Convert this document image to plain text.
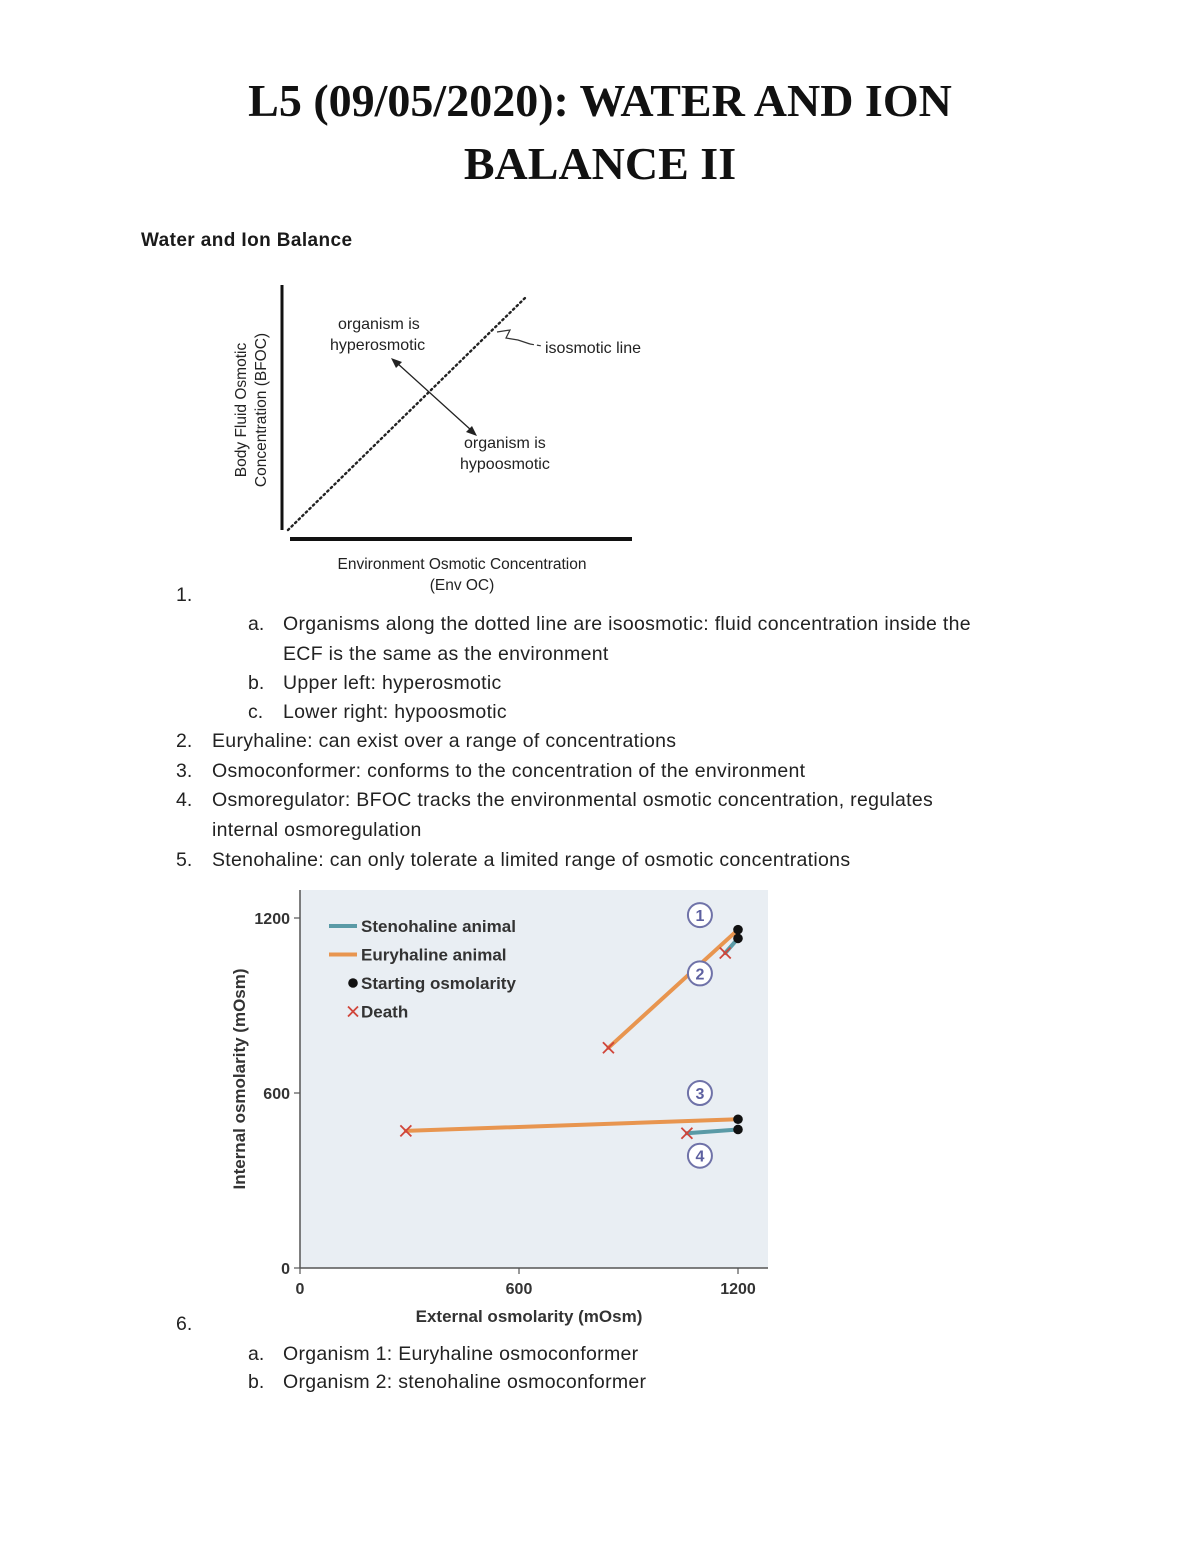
L5 (09/05/2020): WATER AND ION
BALANCE II
Water and Ion Balance
isosmotic line
organism is
hyperosmotic
organism is
hypoosmotic
Body Fluid Osmotic Concentration (BFOC)
Environment Osmotic Concentration
(Env OC)
1.
a. Organisms along the dotted line are isoosmotic: fluid concentration inside the
ECF is the same as the environment
b. Upper left: hyperosmotic
c. Lower right: hypoosmotic
2. Euryhaline: can exist over a range of concentrations
3. Osmoconformer: conforms to the concentration of the environment
4. Osmoregulator: BFOC tracks the environmental osmotic concentration, regulates
internal osmoregulation
5. Stenohaline: can only tolerate a limited range of osmotic concentrations
0	600	1200
0
600
1200	1
2
3
4
Stenohaline animal
Euryhaline animal
Starting osmolarity
Death
External osmolarity (mOsm)
Internal osmolarity (mOsm)
6.
a. Organism 1: Euryhaline osmoconformer
b. Organism 2: stenohaline osmoconformer
